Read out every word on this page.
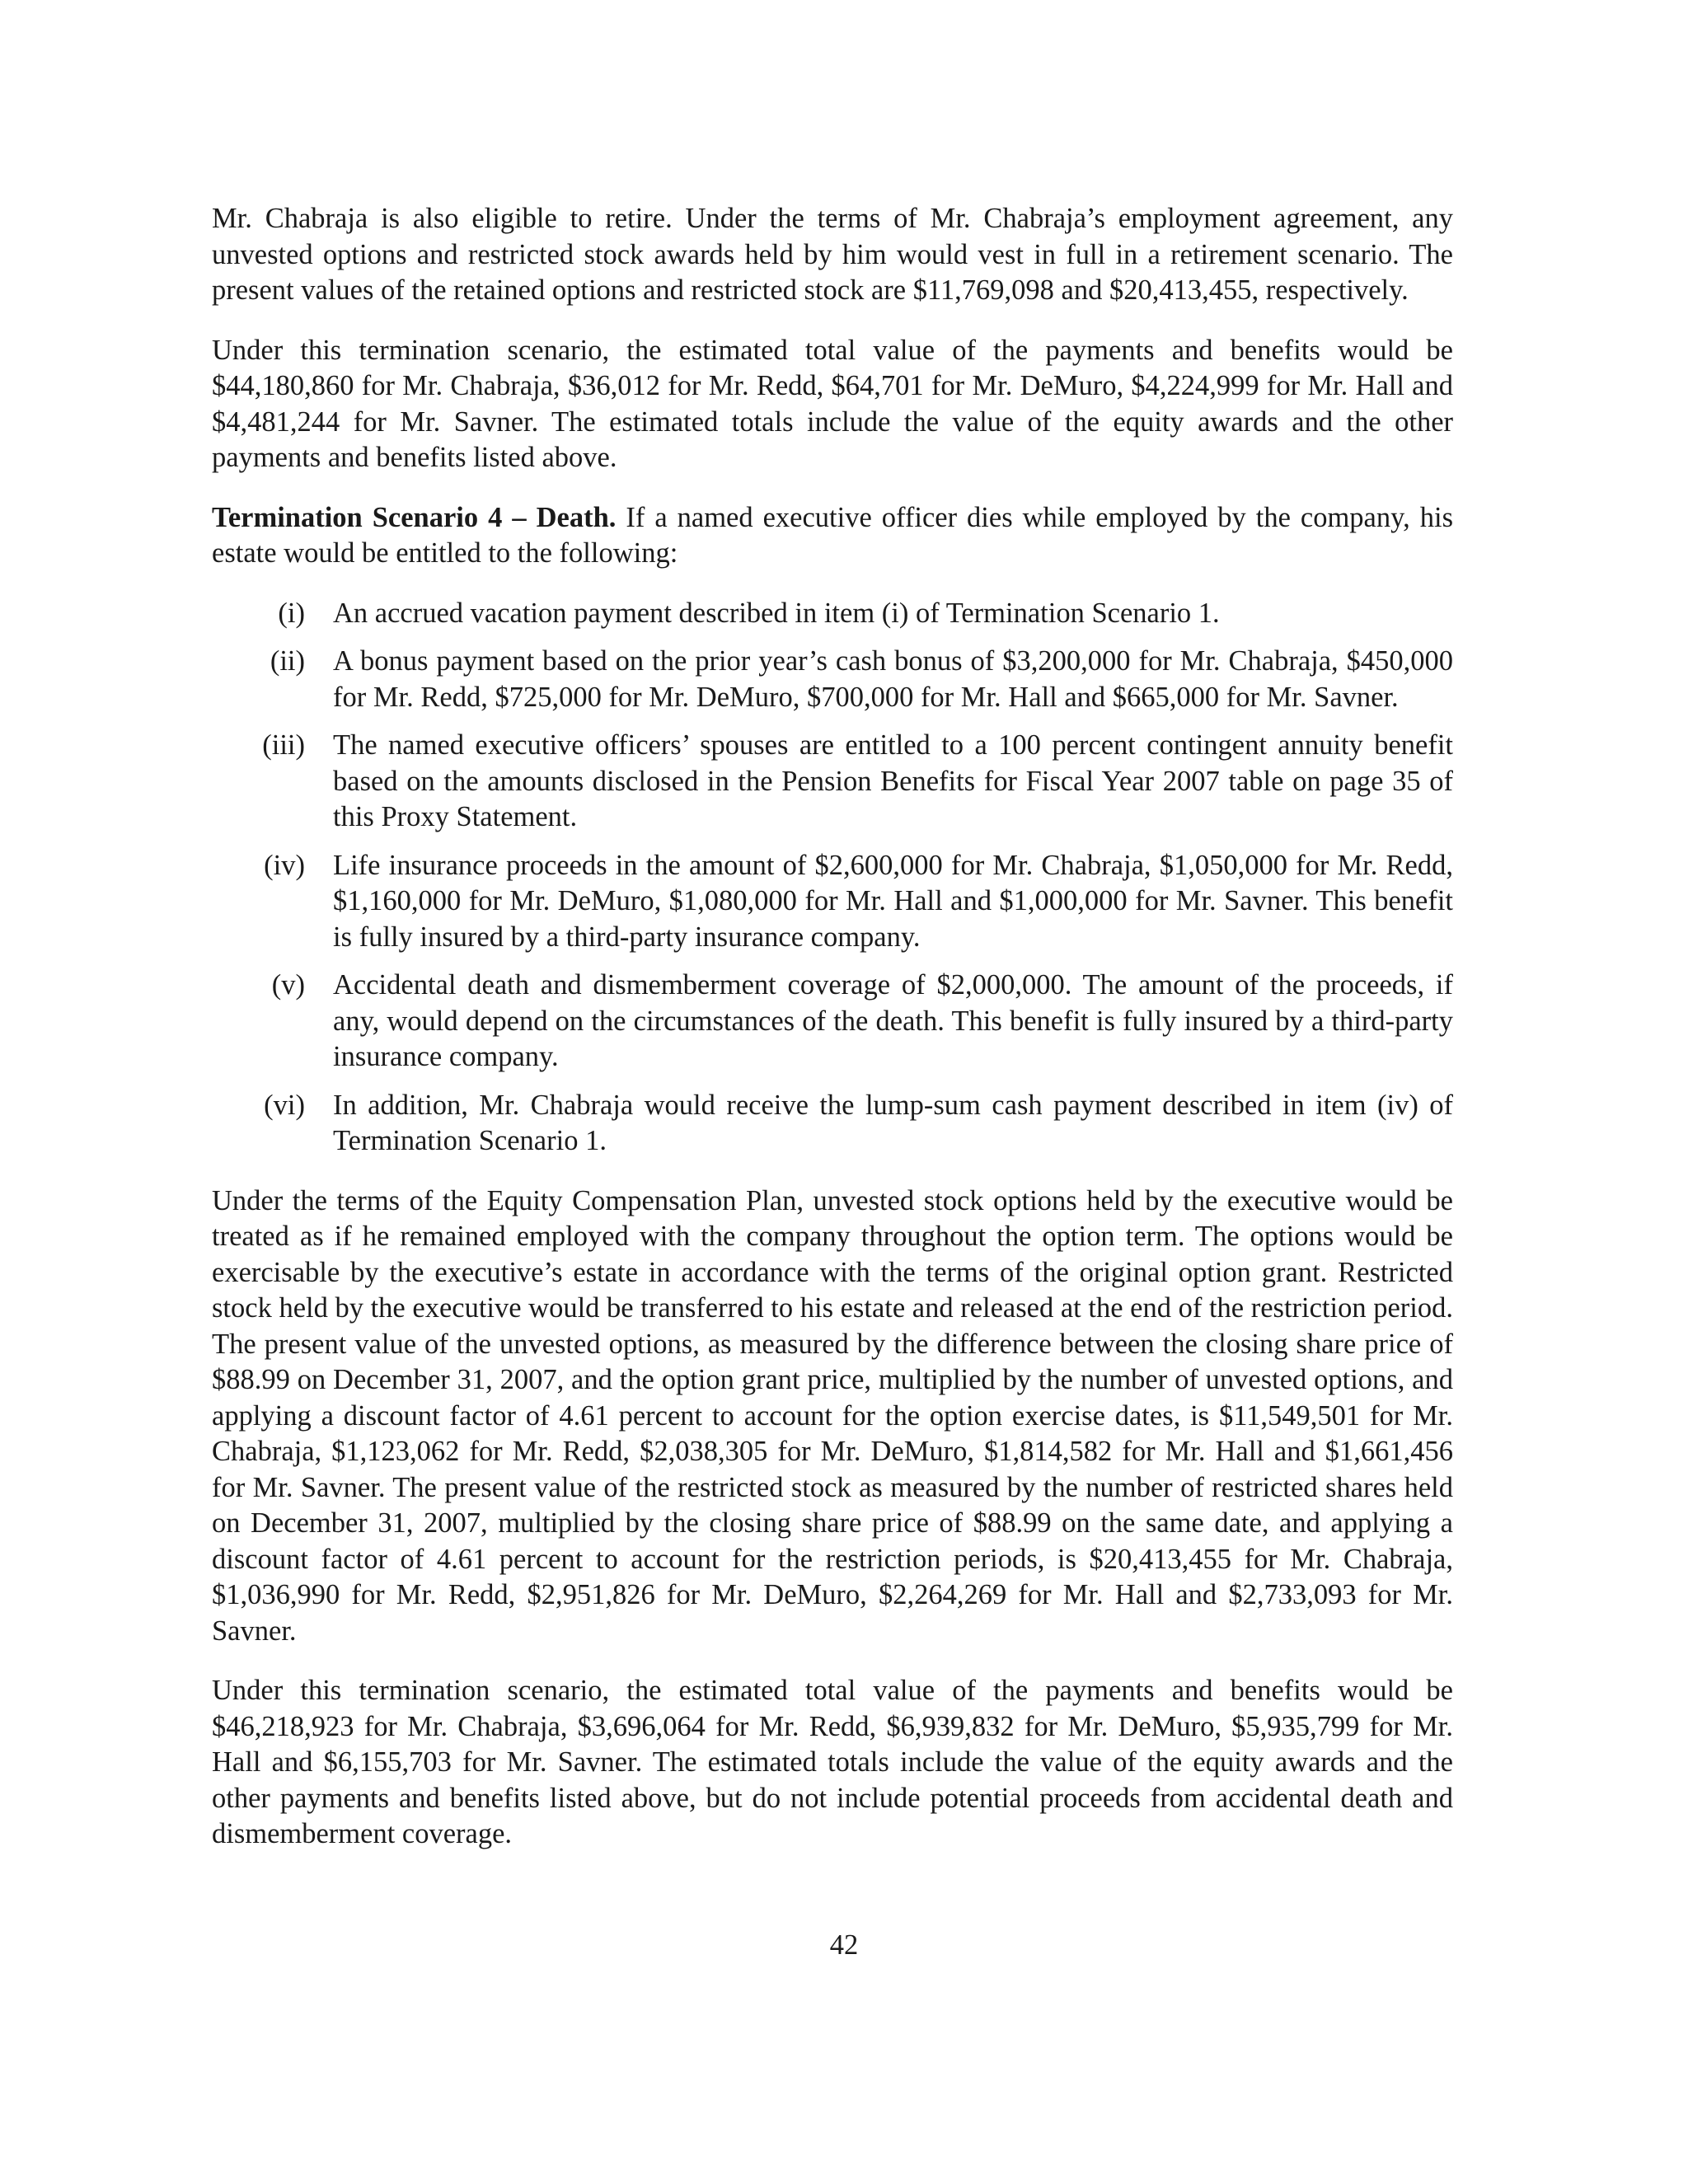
Mr. Chabraja is also eligible to retire. Under the terms of Mr. Chabraja’s employment agreement, any unvested options and restricted stock awards held by him would vest in full in a retirement scenario. The present values of the retained options and restricted stock are $11,769,098 and $20,413,455, respectively.

Under this termination scenario, the estimated total value of the payments and benefits would be $44,180,860 for Mr. Chabraja, $36,012 for Mr. Redd, $64,701 for Mr. DeMuro, $4,224,999 for Mr. Hall and $4,481,244 for Mr. Savner. The estimated totals include the value of the equity awards and the other payments and benefits listed above.

Termination Scenario 4 – Death. If a named executive officer dies while employed by the company, his estate would be entitled to the following:

(i) An accrued vacation payment described in item (i) of Termination Scenario 1.
(ii) A bonus payment based on the prior year’s cash bonus of $3,200,000 for Mr. Chabraja, $450,000 for Mr. Redd, $725,000 for Mr. DeMuro, $700,000 for Mr. Hall and $665,000 for Mr. Savner.
(iii) The named executive officers’ spouses are entitled to a 100 percent contingent annuity benefit based on the amounts disclosed in the Pension Benefits for Fiscal Year 2007 table on page 35 of this Proxy Statement.
(iv) Life insurance proceeds in the amount of $2,600,000 for Mr. Chabraja, $1,050,000 for Mr. Redd, $1,160,000 for Mr. DeMuro, $1,080,000 for Mr. Hall and $1,000,000 for Mr. Savner. This benefit is fully insured by a third-party insurance company.
(v) Accidental death and dismemberment coverage of $2,000,000. The amount of the proceeds, if any, would depend on the circumstances of the death. This benefit is fully insured by a third-party insurance company.
(vi) In addition, Mr. Chabraja would receive the lump-sum cash payment described in item (iv) of Termination Scenario 1.

Under the terms of the Equity Compensation Plan, unvested stock options held by the executive would be treated as if he remained employed with the company throughout the option term. The options would be exercisable by the executive’s estate in accordance with the terms of the original option grant. Restricted stock held by the executive would be transferred to his estate and released at the end of the restriction period. The present value of the unvested options, as measured by the difference between the closing share price of $88.99 on December 31, 2007, and the option grant price, multiplied by the number of unvested options, and applying a discount factor of 4.61 percent to account for the option exercise dates, is $11,549,501 for Mr. Chabraja, $1,123,062 for Mr. Redd, $2,038,305 for Mr. DeMuro, $1,814,582 for Mr. Hall and $1,661,456 for Mr. Savner. The present value of the restricted stock as measured by the number of restricted shares held on December 31, 2007, multiplied by the closing share price of $88.99 on the same date, and applying a discount factor of 4.61 percent to account for the restriction periods, is $20,413,455 for Mr. Chabraja, $1,036,990 for Mr. Redd, $2,951,826 for Mr. DeMuro, $2,264,269 for Mr. Hall and $2,733,093 for Mr. Savner.

Under this termination scenario, the estimated total value of the payments and benefits would be $46,218,923 for Mr. Chabraja, $3,696,064 for Mr. Redd, $6,939,832 for Mr. DeMuro, $5,935,799 for Mr. Hall and $6,155,703 for Mr. Savner. The estimated totals include the value of the equity awards and the other payments and benefits listed above, but do not include potential proceeds from accidental death and dismemberment coverage.

42
